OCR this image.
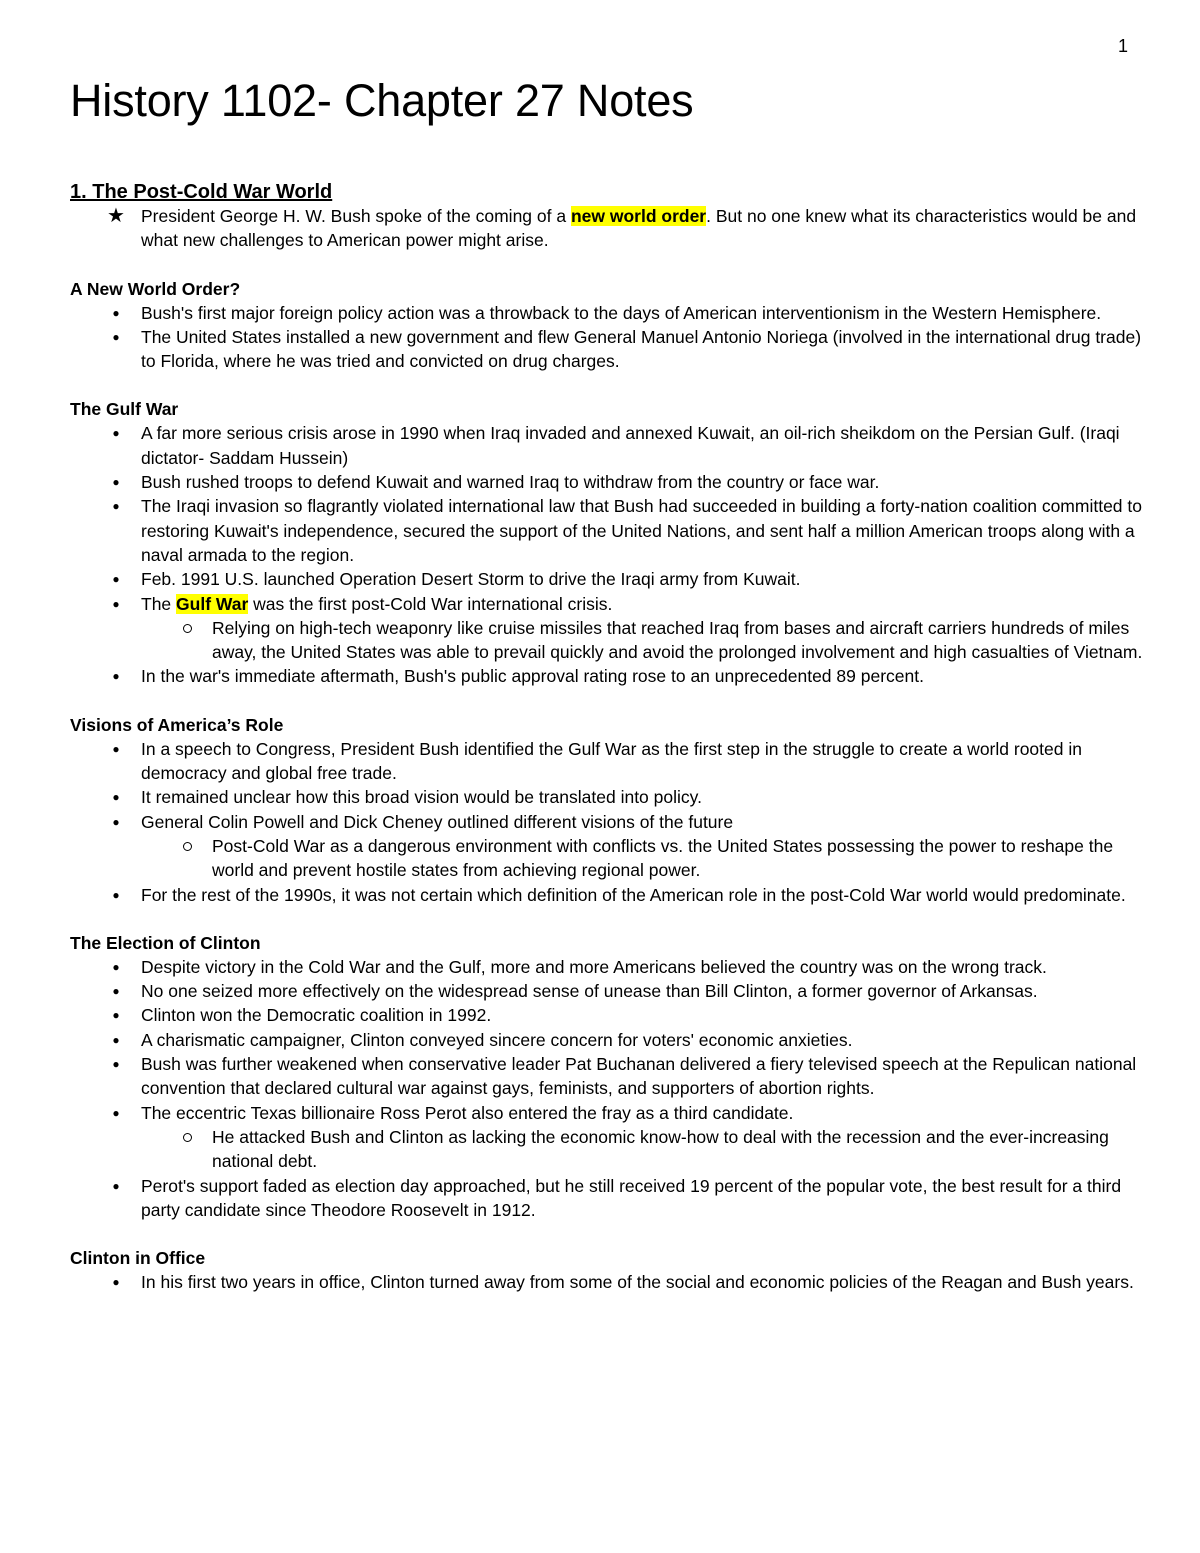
1
History 1102- Chapter 27 Notes
1. The Post-Cold War World
★ President George H. W. Bush spoke of the coming of a new world order. But no one knew what its characteristics would be and what new challenges to American power might arise.
A New World Order?
●
Bush's first major foreign policy action was a throwback to the days of American interventionism in the Western Hemisphere.
●
The United States installed a new government and flew General Manuel Antonio Noriega (involved in the international drug trade) to Florida, where he was tried and convicted on drug charges.
The Gulf War
●
A far more serious crisis arose in 1990 when Iraq invaded and annexed Kuwait, an oil-rich sheikdom on the Persian Gulf. (Iraqi dictator- Saddam Hussein)
●
Bush rushed troops to defend Kuwait and warned Iraq to withdraw from the country or face war.
●
The Iraqi invasion so flagrantly violated international law that Bush had succeeded in building a forty-nation coalition committed to restoring Kuwait's independence, secured the support of the United Nations, and sent half a million American troops along with a naval armada to the region.
●
Feb. 1991 U.S. launched Operation Desert Storm to drive the Iraqi army from Kuwait.
●
The Gulf War was the first post-Cold War international crisis.
Relying on high-tech weaponry like cruise missiles that reached Iraq from bases and aircraft carriers hundreds of miles away, the United States was able to prevail quickly and avoid the prolonged involvement and high casualties of Vietnam.
●
In the war's immediate aftermath, Bush's public approval rating rose to an unprecedented 89 percent.
Visions of America’s Role
●
In a speech to Congress, President Bush identified the Gulf War as the first step in the struggle to create a world rooted in democracy and global free trade.
●
It remained unclear how this broad vision would be translated into policy.
●
General Colin Powell and Dick Cheney outlined different visions of the future
Post-Cold War as a dangerous environment with conflicts vs. the United States possessing the power to reshape the world and prevent hostile states from achieving regional power.
●
For the rest of the 1990s, it was not certain which definition of the American role in the post-Cold War world would predominate.
The Election of Clinton
●
Despite victory in the Cold War and the Gulf, more and more Americans believed the country was on the wrong track.
●
No one seized more effectively on the widespread sense of unease than Bill Clinton, a former governor of Arkansas.
●
Clinton won the Democratic coalition in 1992.
●
A charismatic campaigner, Clinton conveyed sincere concern for voters' economic anxieties.
●
Bush was further weakened when conservative leader Pat Buchanan delivered a fiery televised speech at the Repulican national convention that declared cultural war against gays, feminists, and supporters of abortion rights.
●
The eccentric Texas billionaire Ross Perot also entered the fray as a third candidate.
He attacked Bush and Clinton as lacking the economic know-how to deal with the recession and the ever-increasing national debt.
●
Perot's support faded as election day approached, but he still received 19 percent of the popular vote, the best result for a third party candidate since Theodore Roosevelt in 1912.
Clinton in Office
●
In his first two years in office, Clinton turned away from some of the social and economic policies of the Reagan and Bush years.
